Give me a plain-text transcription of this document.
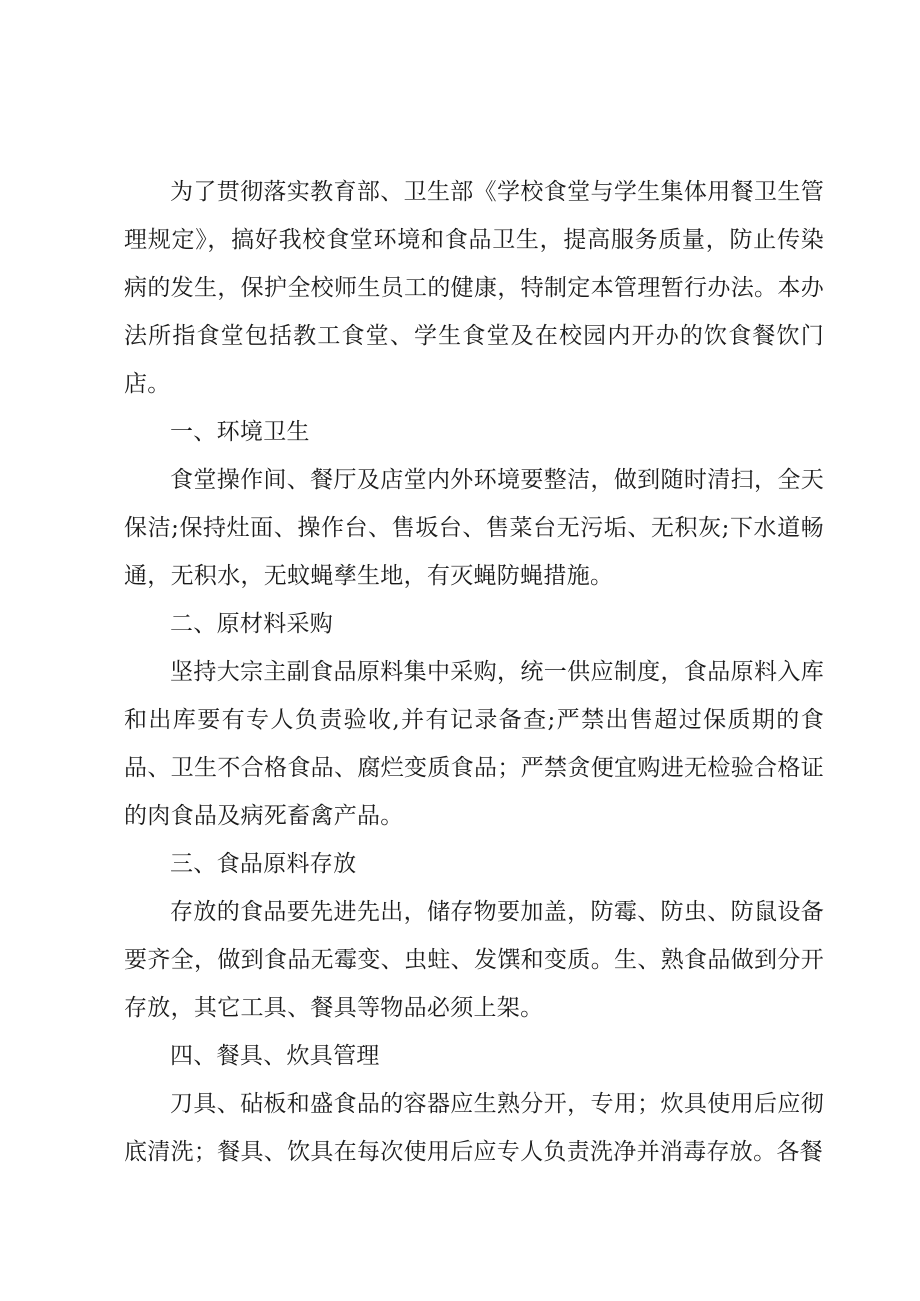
为了贯彻落实教育部、卫生部《学校食堂与学生集体用餐卫生管理规定》，搞好我校食堂环境和食品卫生，提高服务质量，防止传染病的发生，保护全校师生员工的健康，特制定本管理暂行办法。本办法所指食堂包括教工食堂、学生食堂及在校园内开办的饮食餐饮门店。

一、环境卫生

食堂操作间、餐厅及店堂内外环境要整洁，做到随时清扫，全天保洁;保持灶面、操作台、售坂台、售菜台无污垢、无积灰;下水道畅通，无积水，无蚊蝇孳生地，有灭蝇防蝇措施。

二、原材料采购

坚持大宗主副食品原料集中采购，统一供应制度，食品原料入库和出库要有专人负责验收,并有记录备查;严禁出售超过保质期的食品、卫生不合格食品、腐烂变质食品；严禁贪便宜购进无检验合格证的肉食品及病死畜禽产品。

三、食品原料存放

存放的食品要先进先出，储存物要加盖，防霉、防虫、防鼠设备要齐全，做到食品无霉变、虫蛀、发馔和变质。生、熟食品做到分开存放，其它工具、餐具等物品必须上架。

四、餐具、炊具管理

刀具、砧板和盛食品的容器应生熟分开，专用；炊具使用后应彻底清洗；餐具、饮具在每次使用后应专人负责洗净并消毒存放。各餐
